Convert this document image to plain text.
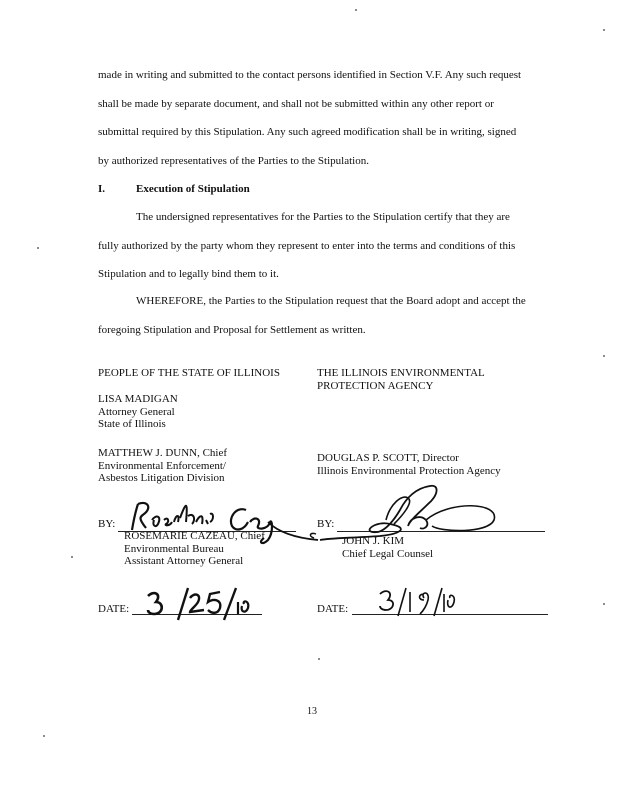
made in writing and submitted to the contact persons identified in Section V.F. Any such request
shall be made by separate document, and shall not be submitted within any other report or
submittal required by this Stipulation. Any such agreed modification shall be in writing, signed
by authorized representatives of the Parties to the Stipulation.
I.	Execution of Stipulation
The undersigned representatives for the Parties to the Stipulation certify that they are
fully authorized by the party whom they represent to enter into the terms and conditions of this
Stipulation and to legally bind them to it.
WHEREFORE, the Parties to the Stipulation request that the Board adopt and accept the
foregoing Stipulation and Proposal for Settlement as written.
PEOPLE OF THE STATE OF ILLINOIS
LISA MADIGAN
Attorney General
State of Illinois
MATTHEW J. DUNN, Chief
Environmental Enforcement/
Asbestos Litigation Division
BY:
ROSEMARIE CAZEAU, Chief
Environmental Bureau
Assistant Attorney General
DATE:
THE ILLINOIS ENVIRONMENTAL
PROTECTION AGENCY
DOUGLAS P. SCOTT, Director
Illinois Environmental Protection Agency
BY:
JOHN J. KIM
Chief Legal Counsel
DATE:
13
